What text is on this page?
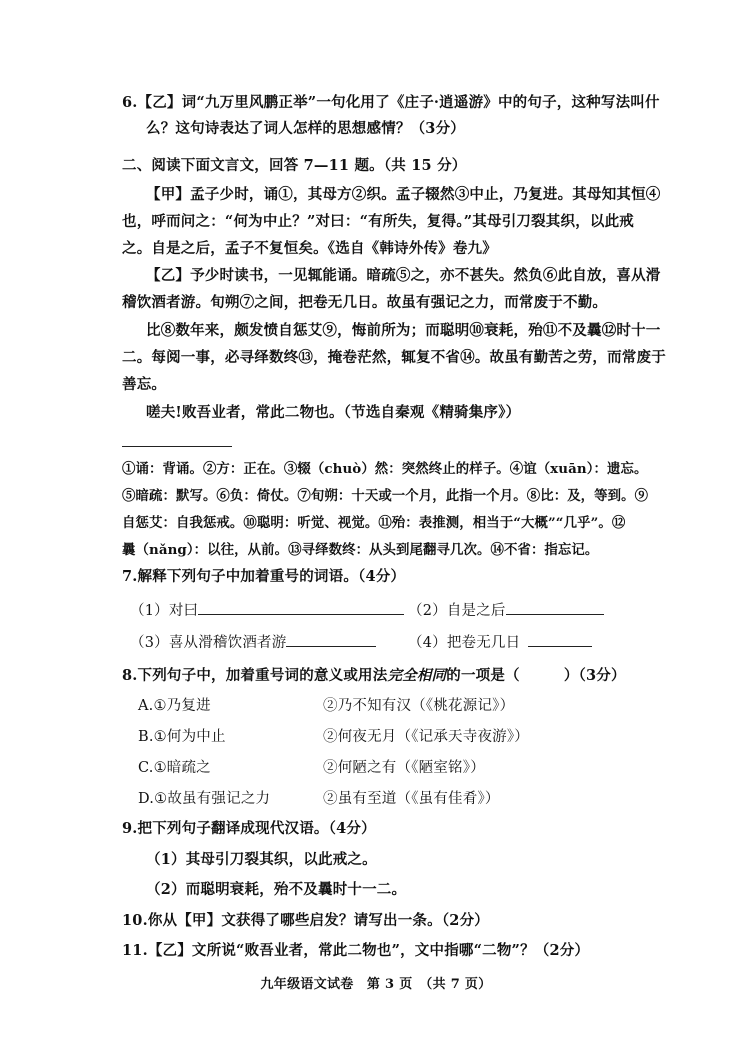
6.【乙】词“九万里风鹏正举”一句化用了《庄子·逍遥游》中的句子，这种写法叫什
么？这句诗表达了词人怎样的思想感情？（3分）
二、阅读下面文言文，回答 7—11 题。（共 15 分）
【甲】孟子少时，诵①，其母方②织。孟子辍然③中止，乃复进。其母知其恒④
也，呼而问之：“何为中止？”对曰：“有所失，复得。”其母引刀裂其织，以此戒
之。自是之后，孟子不复恒矣。《选自《韩诗外传》卷九》
【乙】予少时读书，一见辄能诵。暗疏⑤之，亦不甚失。然负⑥此自放，喜从滑
稽饮酒者游。旬朔⑦之间，把卷无几日。故虽有强记之力，而常废于不勤。
比⑧数年来，颇发愤自惩艾⑨，悔前所为；而聪明⑩衰耗，殆⑪不及曩⑫时十一
二。每阅一事，必寻绎数终⑬，掩卷茫然，辄复不省⑭。故虽有勤苦之劳，而常废于
善忘。
嗟夫!败吾业者，常此二物也。（节选自秦观《精骑集序》）
①诵：背诵。②方：正在。③辍（chuò）然：突然终止的样子。④谊（xuān）：遗忘。
⑤暗疏：默写。⑥负：倚仗。⑦旬朔：十天或一个月，此指一个月。⑧比：及，等到。⑨
自惩艾：自我惩戒。⑩聪明：听觉、视觉。⑪殆：表推测，相当于“大概”“几乎”。⑫
曩（nǎng）：以往，从前。⑬寻绎数终：从头到尾翻寻几次。⑭不省：指忘记。
7.解释下列句子中加着重号的词语。（4分）
（1）对曰	（2）自是之后
（3）喜从滑稽饮酒者游	（4）把卷无几日
8.下列句子中，加着重号词的意义或用法完全相同的一项是（　　　）（3分）
A.①乃复进	②乃不知有汉（《桃花源记》）
B.①何为中止	②何夜无月（《记承天寺夜游》）
C.①暗疏之	②何陋之有（《陋室铭》）
D.①故虽有强记之力	②虽有至道（《虽有佳肴》）
9.把下列句子翻译成现代汉语。（4分）
（1）其母引刀裂其织，以此戒之。
（2）而聪明衰耗，殆不及曩时十一二。
10.你从【甲】文获得了哪些启发？请写出一条。（2分）
11.【乙】文所说“败吾业者，常此二物也”，文中指哪“二物”？（2分）
九年级语文试卷　第 3 页　（共 7 页）
